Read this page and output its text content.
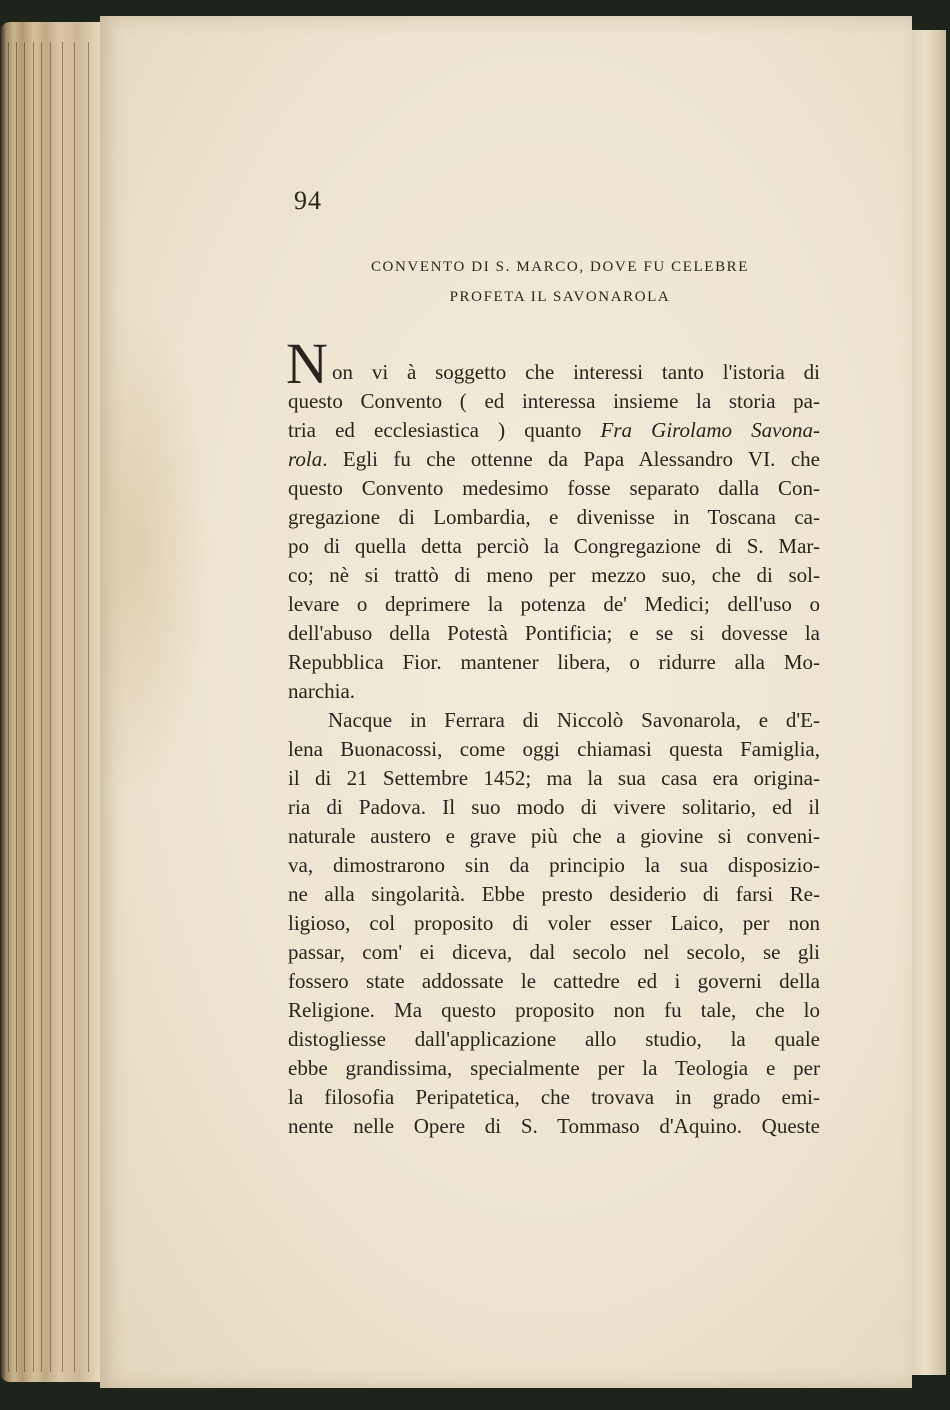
94
CONVENTO DI S. MARCO, DOVE FU CELEBRE
PROFETA IL SAVONAROLA
N on vi à soggetto che interessi tanto l'istoria di
questo Convento ( ed interessa insieme la storia pa-
tria ed ecclesiastica ) quanto Fra Girolamo Savona-
rola. Egli fu che ottenne da Papa Alessandro VI. che
questo Convento medesimo fosse separato dalla Con-
gregazione di Lombardia, e divenisse in Toscana ca-
po di quella detta perciò la Congregazione di S. Mar-
co; nè si trattò di meno per mezzo suo, che di sol-
levare o deprimere la potenza de' Medici; dell'uso o
dell'abuso della Potestà Pontificia; e se si dovesse la
Repubblica Fior. mantener libera, o ridurre alla Mo-
narchia.
Nacque in Ferrara di Niccolò Savonarola, e d'E-
lena Buonacossi, come oggi chiamasi questa Famiglia,
il di 21 Settembre 1452; ma la sua casa era origina-
ria di Padova. Il suo modo di vivere solitario, ed il
naturale austero e grave più che a giovine si conveni-
va, dimostrarono sin da principio la sua disposizio-
ne alla singolarità. Ebbe presto desiderio di farsi Re-
ligioso, col proposito di voler esser Laico, per non
passar, com' ei diceva, dal secolo nel secolo, se gli
fossero state addossate le cattedre ed i governi della
Religione. Ma questo proposito non fu tale, che lo
distogliesse dall'applicazione allo studio, la quale
ebbe grandissima, specialmente per la Teologia e per
la filosofia Peripatetica, che trovava in grado emi-
nente nelle Opere di S. Tommaso d'Aquino. Queste
